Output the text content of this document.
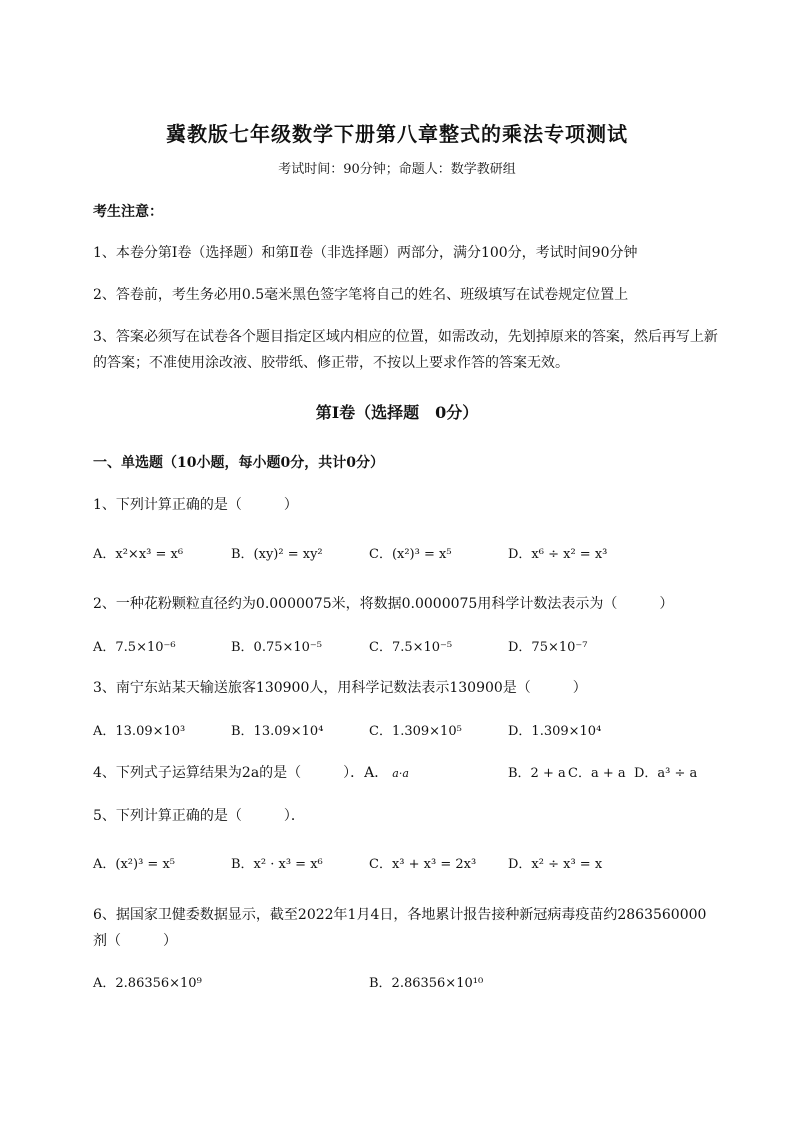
冀教版七年级数学下册第八章整式的乘法专项测试
考试时间：90分钟；命题人：数学教研组
考生注意：
1、本卷分第I卷（选择题）和第Ⅱ卷（非选择题）两部分，满分100分，考试时间90分钟
2、答卷前，考生务必用0.5毫米黑色签字笔将自己的姓名、班级填写在试卷规定位置上
3、答案必须写在试卷各个题目指定区域内相应的位置，如需改动，先划掉原来的答案，然后再写上新
的答案；不准使用涂改液、胶带纸、修正带，不按以上要求作答的答案无效。
第I卷（选择题　0分）
一、单选题（10小题，每小题0分，共计0分）
1、下列计算正确的是（　　　）
A．x²×x³ = x⁶	B．(xy)² = xy²	C．(x²)³ = x⁵	D．x⁶ ÷ x² = x³
2、一种花粉颗粒直径约为0.0000075米，将数据0.0000075用科学计数法表示为（　　　）
A．7.5×10⁻⁶	B．0.75×10⁻⁵	C．7.5×10⁻⁵	D．75×10⁻⁷
3、南宁东站某天输送旅客130900人，用科学记数法表示130900是（　　　）
A．13.09×10³	B．13.09×10⁴	C．1.309×10⁵	D．1.309×10⁴
4、下列式子运算结果为2a的是（　　　）．A． a·a	B．2 + a C．a + a D．a³ ÷ a
5、下列计算正确的是（　　　）．
A．(x²)³ = x⁵	B．x² · x³ = x⁶	C．x³ + x³ = 2x³ D．x² ÷ x³ = x
6、据国家卫健委数据显示，截至2022年1月4日，各地累计报告接种新冠病毒疫苗约2863560000
剂（　　　）
A．2.86356×10⁹	B．2.86356×10¹⁰
